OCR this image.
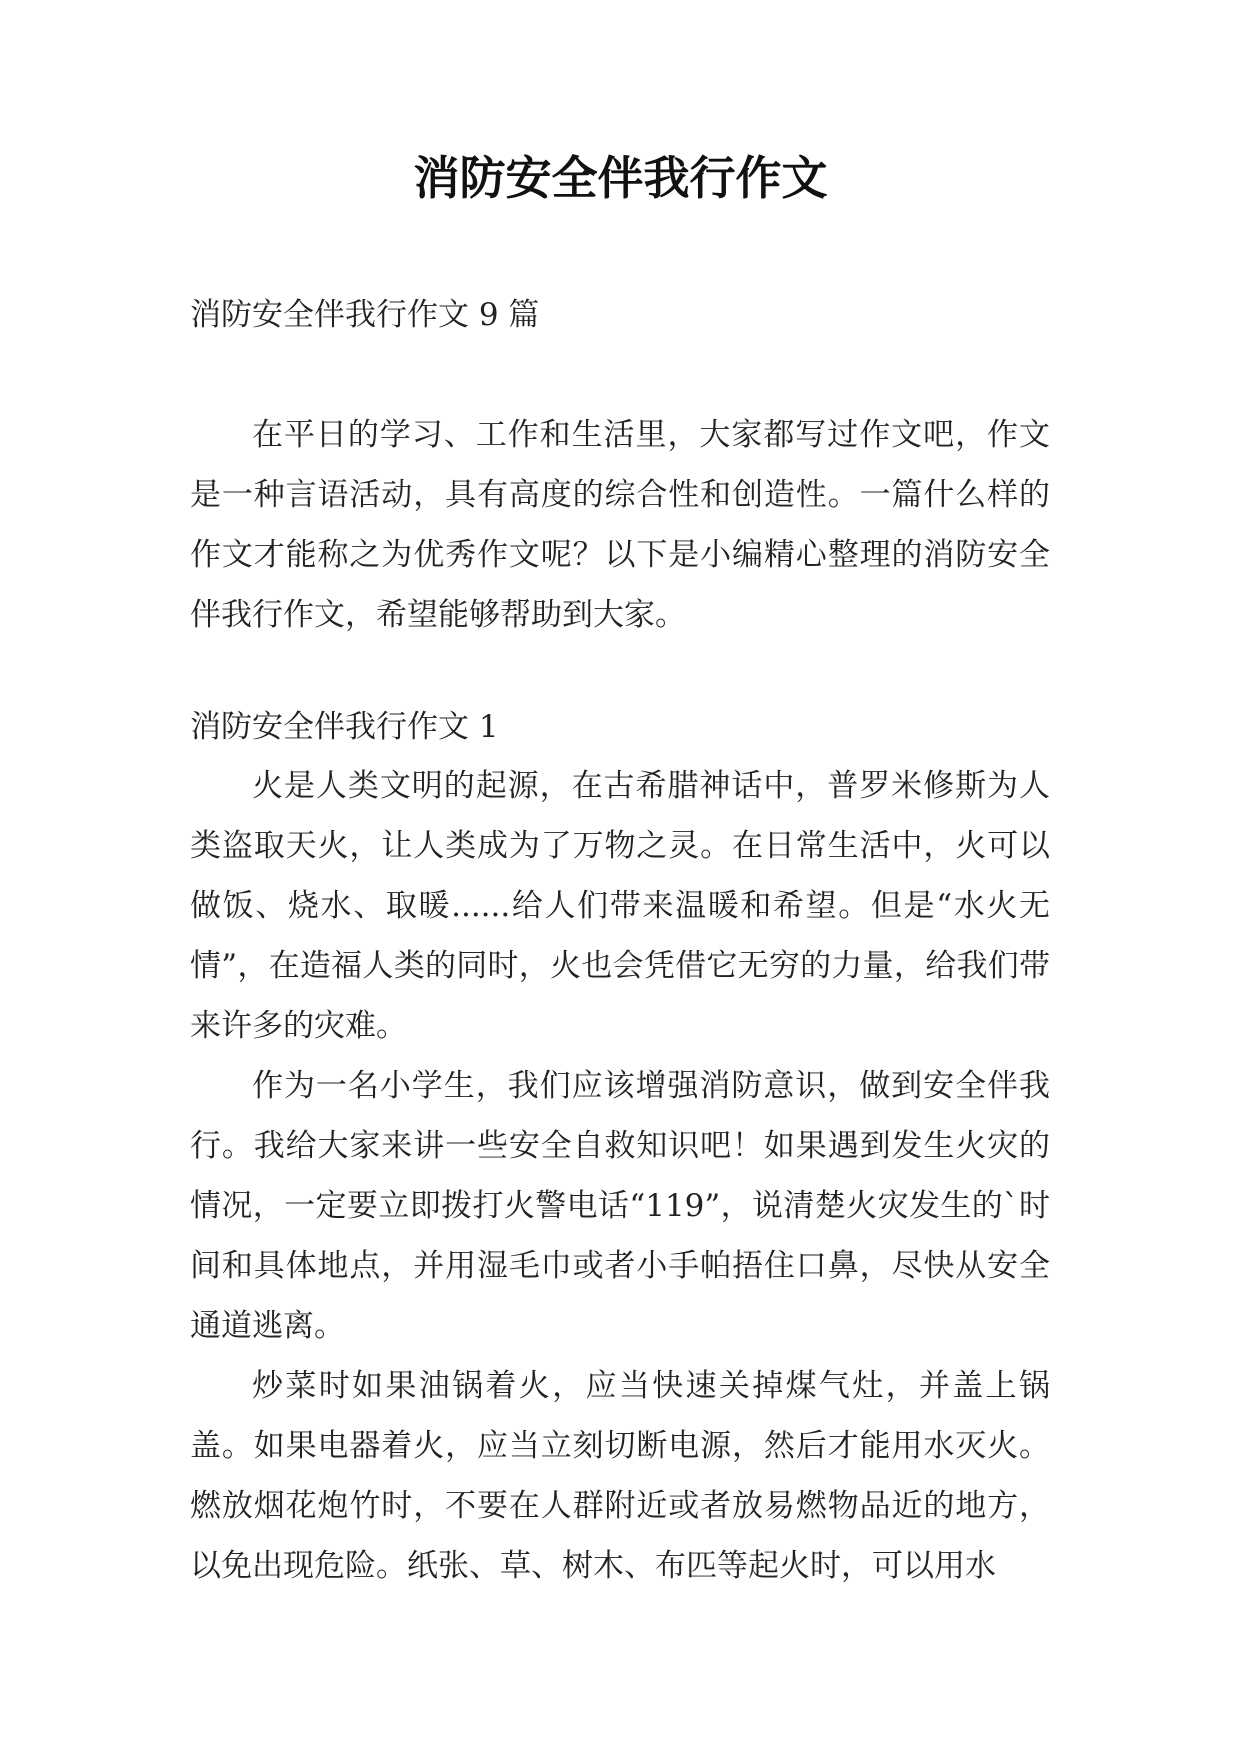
消防安全伴我行作文
消防安全伴我行作文 9 篇

在平日的学习、工作和生活里，大家都写过作文吧，作文是一种言语活动，具有高度的综合性和创造性。一篇什么样的作文才能称之为优秀作文呢？以下是小编精心整理的消防安全伴我行作文，希望能够帮助到大家。

消防安全伴我行作文 1

火是人类文明的起源，在古希腊神话中，普罗米修斯为人类盗取天火，让人类成为了万物之灵。在日常生活中，火可以做饭、烧水、取暖......给人们带来温暖和希望。但是“水火无情”，在造福人类的同时，火也会凭借它无穷的力量，给我们带来许多的灾难。

作为一名小学生，我们应该增强消防意识，做到安全伴我行。我给大家来讲一些安全自救知识吧！如果遇到发生火灾的情况，一定要立即拨打火警电话“119”，说清楚火灾发生的`时间和具体地点，并用湿毛巾或者小手帕捂住口鼻，尽快从安全通道逃离。

炒菜时如果油锅着火，应当快速关掉煤气灶，并盖上锅盖。如果电器着火，应当立刻切断电源，然后才能用水灭火。燃放烟花炮竹时，不要在人群附近或者放易燃物品近的地方，以免出现危险。纸张、草、树木、布匹等起火时，可以用水
